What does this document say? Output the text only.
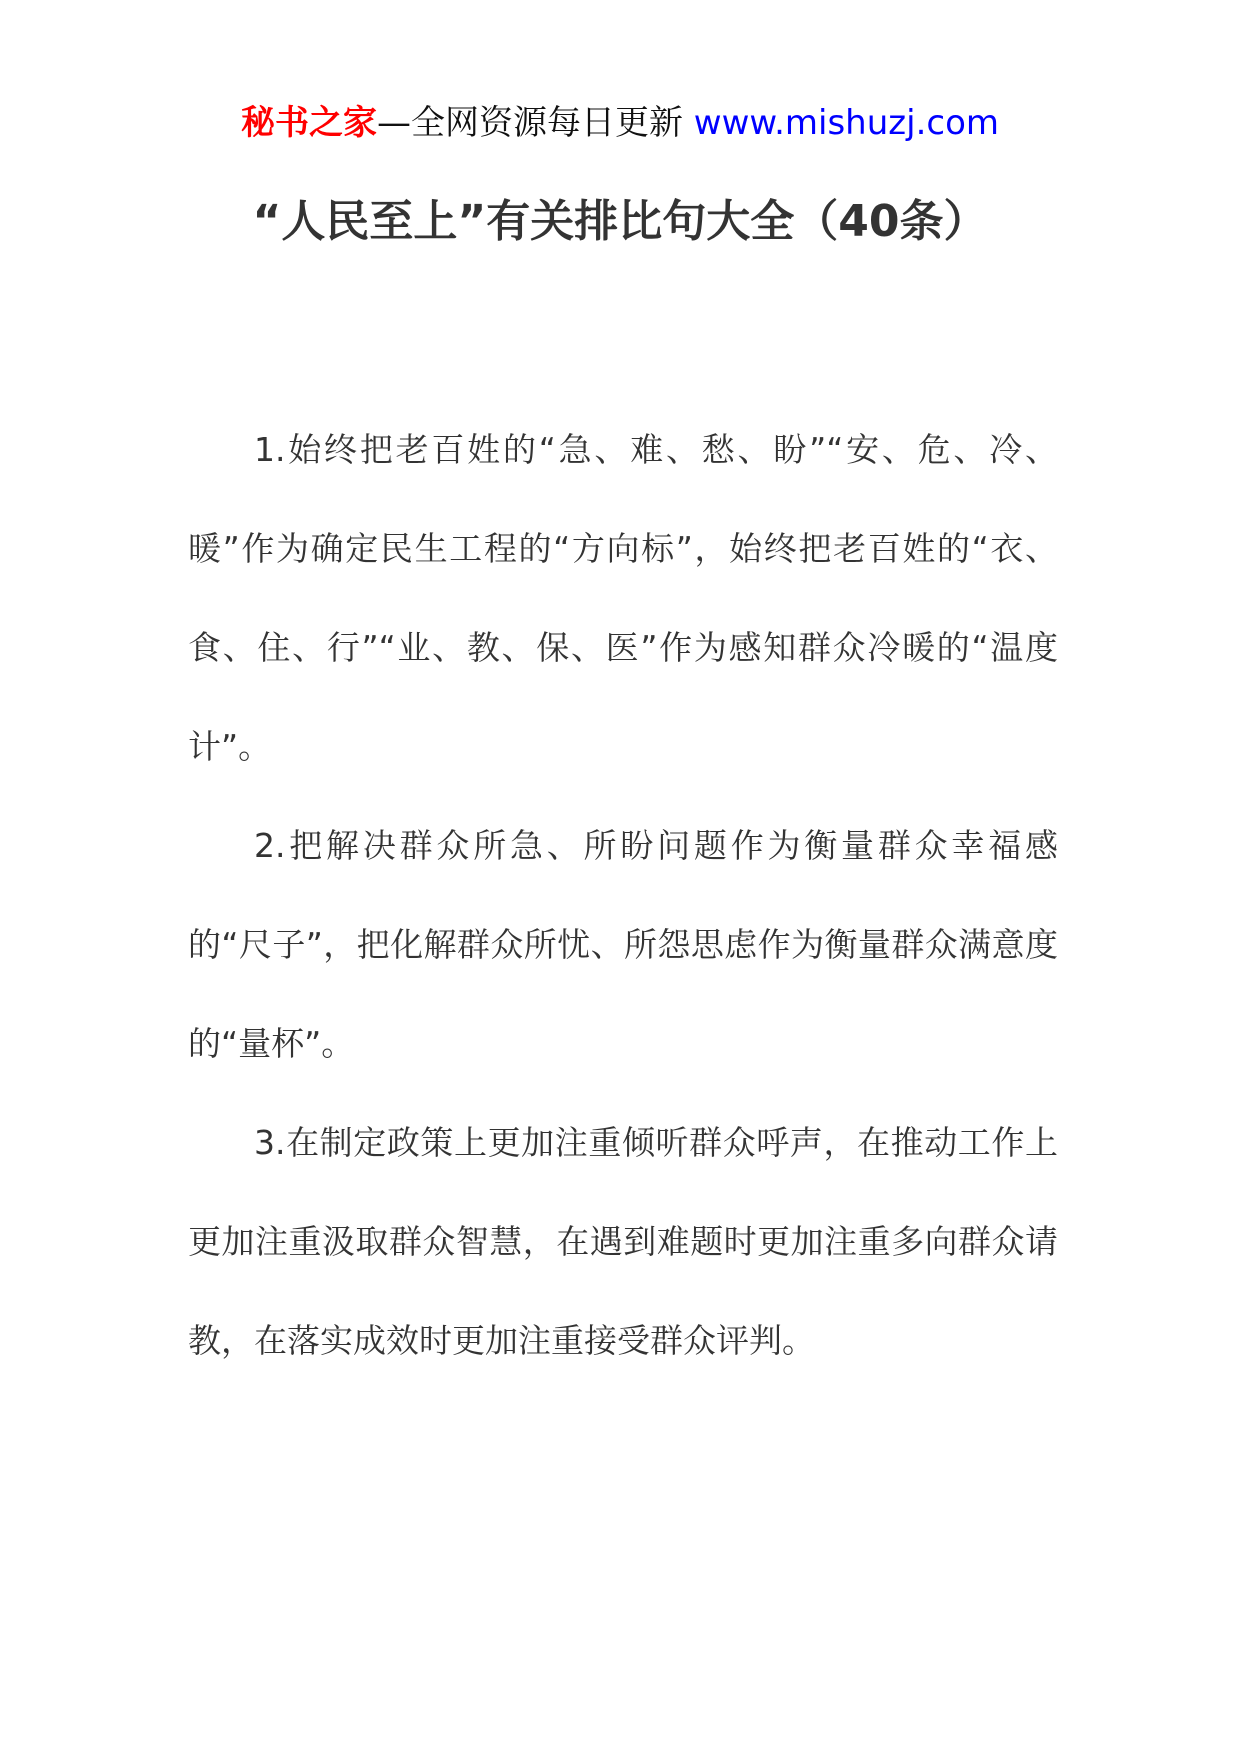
秘书之家—全网资源每日更新 www.mishuzj.com
“人民至上”有关排比句大全（40条）

1.始终把老百姓的“急、难、愁、盼”“安、危、冷、暖”作为确定民生工程的“方向标”，始终把老百姓的“衣、食、住、行”“业、教、保、医”作为感知群众冷暖的“温度计”。

2.把解决群众所急、所盼问题作为衡量群众幸福感的“尺子”，把化解群众所忧、所怨思虑作为衡量群众满意度的“量杯”。

3.在制定政策上更加注重倾听群众呼声，在推动工作上更加注重汲取群众智慧，在遇到难题时更加注重多向群众请教，在落实成效时更加注重接受群众评判。
